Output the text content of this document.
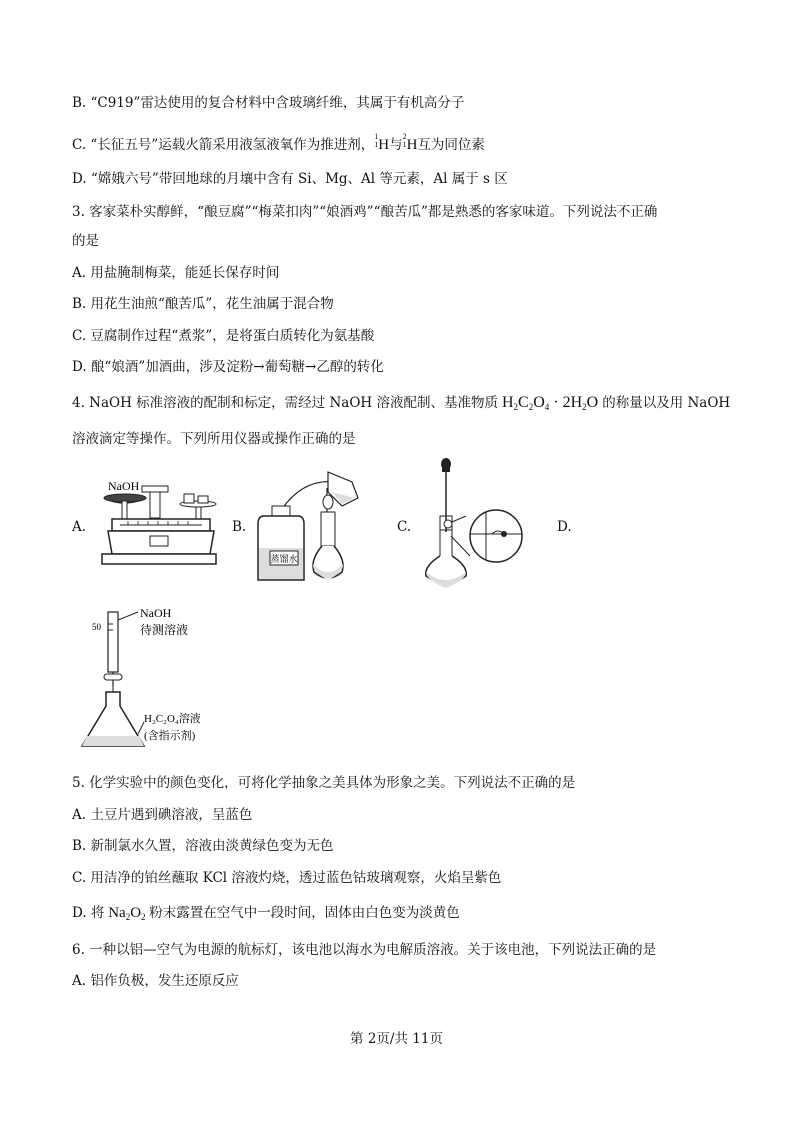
B. “C919”雷达使用的复合材料中含玻璃纤维，其属于有机高分子
C. “长征五号”运载火箭采用液氢液氧作为推进剂，1
1H与2
1H互为同位素
D. “嫦娥六号”带回地球的月壤中含有 Si、Mg、Al 等元素，Al 属于 s 区
3. 客家菜朴实醇鲜，“酿豆腐”“梅菜扣肉”“娘酒鸡”“酿苦瓜”都是熟悉的客家味道。下列说法不正确
的是
A. 用盐腌制梅菜，能延长保存时间
B. 用花生油煎“酿苦瓜”，花生油属于混合物
C. 豆腐制作过程“煮浆”，是将蛋白质转化为氨基酸
D. 酿“娘酒”加酒曲，涉及淀粉→葡萄糖→乙醇的转化
4. NaOH 标准溶液的配制和标定，需经过 NaOH 溶液配制、基准物质 $H_2C_2O_4 \cdot 2H_2O$ 的称量以及用 NaOH
溶液滴定等操作。下列所用仪器或操作正确的是
A.	B.	C.	D.
NaOH
蒸馏水
50
NaOH
待测溶液
H₂C₂O₄溶液
(含指示剂)
5. 化学实验中的颜色变化，可将化学抽象之美具体为形象之美。下列说法不正确的是
A. 土豆片遇到碘溶液，呈蓝色
B. 新制氯水久置，溶液由淡黄绿色变为无色
C. 用洁净的铂丝蘸取 KCl 溶液灼烧，透过蓝色钴玻璃观察，火焰呈紫色
D. 将 $Na_2O_2$ 粉末露置在空气中一段时间，固体由白色变为淡黄色
6. 一种以铝—空气为电源的航标灯，该电池以海水为电解质溶液。关于该电池，下列说法正确的是
A. 铝作负极，发生还原反应
第 2页/共 11页
